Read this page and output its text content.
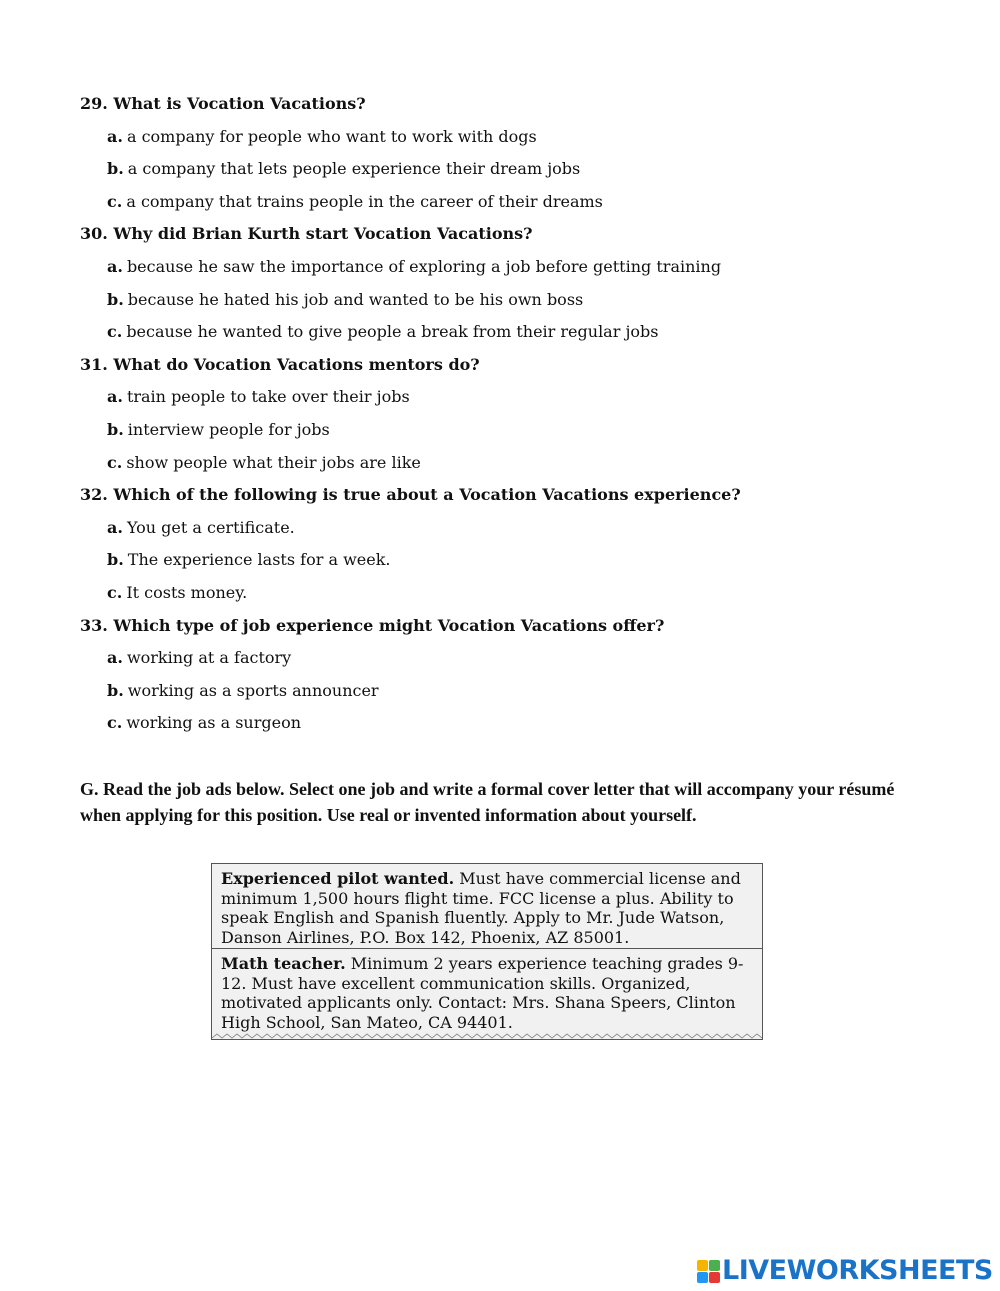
29. What is Vocation Vacations?
a. a company for people who want to work with dogs
b. a company that lets people experience their dream jobs
c. a company that trains people in the career of their dreams
30. Why did Brian Kurth start Vocation Vacations?
a. because he saw the importance of exploring a job before getting training
b. because he hated his job and wanted to be his own boss
c. because he wanted to give people a break from their regular jobs
31. What do Vocation Vacations mentors do?
a. train people to take over their jobs
b. interview people for jobs
c. show people what their jobs are like
32. Which of the following is true about a Vocation Vacations experience?
a. You get a certificate.
b. The experience lasts for a week.
c. It costs money.
33. Which type of job experience might Vocation Vacations offer?
a. working at a factory
b. working as a sports announcer
c. working as a surgeon
G. Read the job ads below. Select one job and write a formal cover letter that will accompany your résumé when applying for this position. Use real or invented information about yourself.
Experienced pilot wanted. Must have commercial license and minimum 1,500 hours flight time. FCC license a plus. Ability to speak English and Spanish fluently. Apply to Mr. Jude Watson, Danson Airlines, P.O. Box 142, Phoenix, AZ 85001.
Math teacher. Minimum 2 years experience teaching grades 9-12. Must have excellent communication skills. Organized, motivated applicants only. Contact: Mrs. Shana Speers, Clinton High School, San Mateo, CA 94401.
LIVEWORKSHEETS
